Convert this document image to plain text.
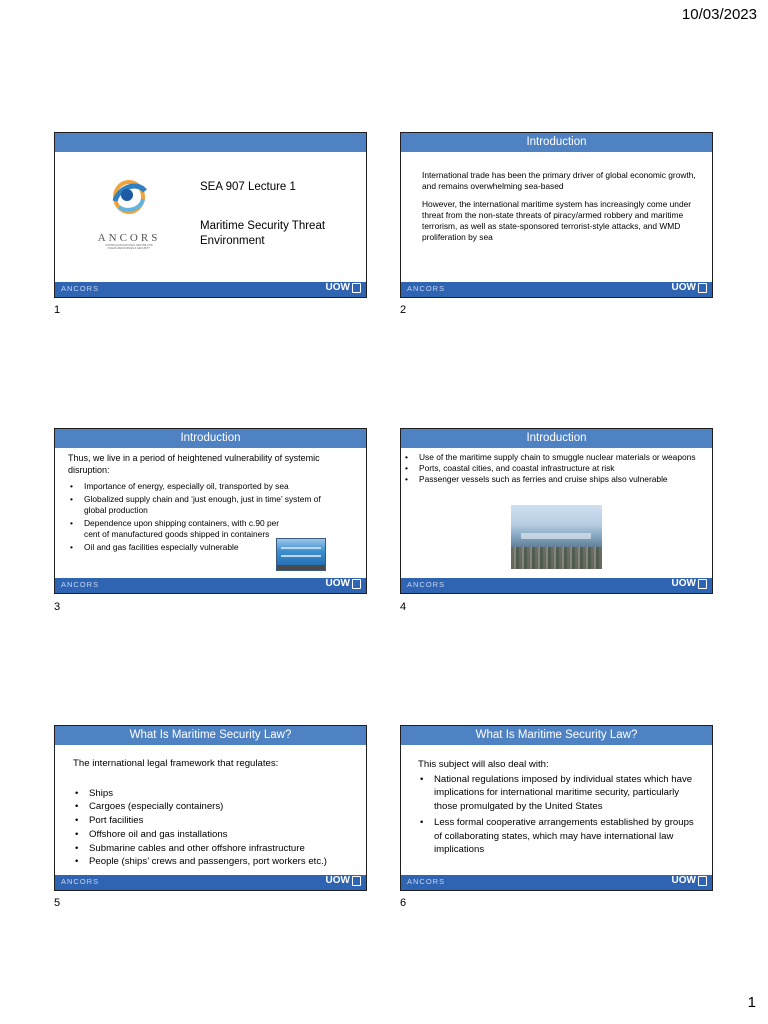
10/03/2023
ANCORS
AUSTRALIAN NATIONAL CENTRE FOR
OCEAN RESOURCES & SECURITY
SEA 907 Lecture 1
Maritime Security Threat
Environment
ANCORS	UOW
1
Introduction

International trade has been the primary driver of global economic growth, and remains overwhelming sea-based

However, the international maritime system has increasingly come under threat from the non-state threats of piracy/armed robbery and maritime terrorism, as well as state-sponsored terrorist-style attacks, and WMD proliferation by sea

ANCORS	UOW
2
Introduction
Thus, we live in a period of heightened vulnerability of systemic disruption:
• Importance of energy, especially oil, transported by sea
• Globalized supply chain and ‘just enough, just in time’ system of global production
• Dependence upon shipping containers, with c.90 per cent of manufactured goods shipped in containers
• Oil and gas facilities especially vulnerable
ANCORS	UOW
3
Introduction
• Use of the maritime supply chain to smuggle nuclear materials or weapons
• Ports, coastal cities, and coastal infrastructure at risk
• Passenger vessels such as ferries and cruise ships also vulnerable
ANCORS	UOW
4
What Is Maritime Security Law?
The international legal framework that regulates:
• Ships
• Cargoes (especially containers)
• Port facilities
• Offshore oil and gas installations
• Submarine cables and other offshore infrastructure
• People (ships’ crews and passengers, port workers etc.)
ANCORS	UOW
5
What Is Maritime Security Law?
This subject will also deal with:
• National regulations imposed by individual states which have implications for international maritime security, particularly those promulgated by the United States
• Less formal cooperative arrangements established by groups of collaborating states, which may have international law implications
ANCORS	UOW
6
1
